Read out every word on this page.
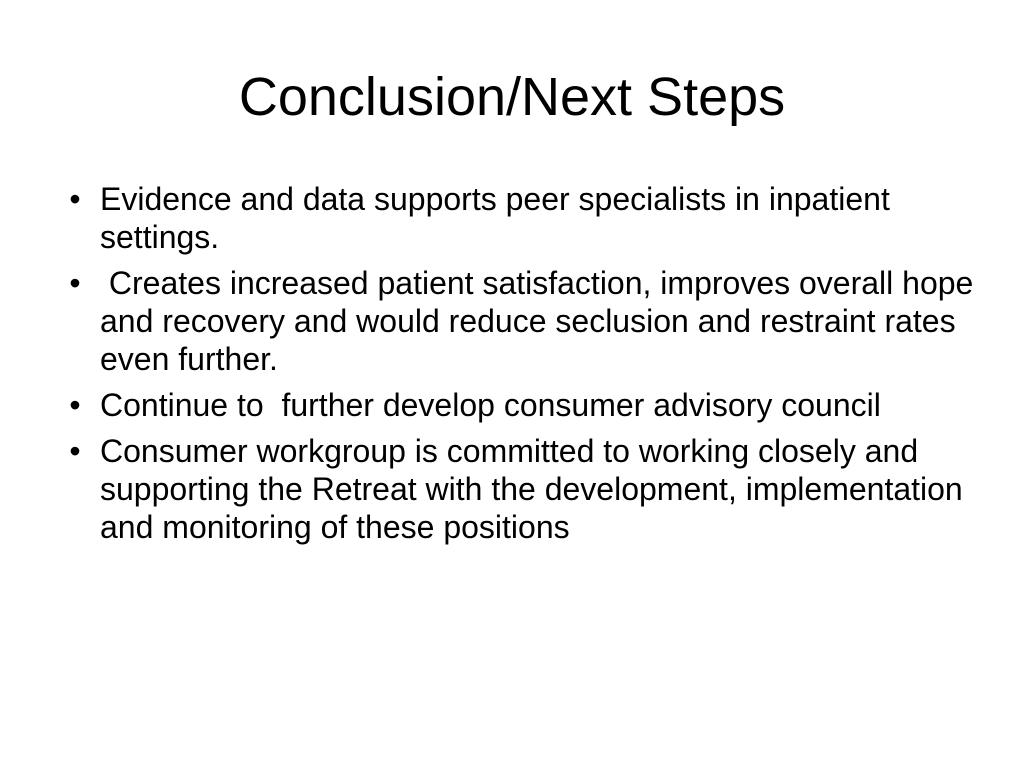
Conclusion/Next Steps
• Evidence and data supports peer specialists in inpatient settings.
• Creates increased patient satisfaction, improves overall hope and recovery and would reduce seclusion and restraint rates even further.
• Continue to  further develop consumer advisory council
• Consumer workgroup is committed to working closely and supporting the Retreat with the development, implementation and monitoring of these positions
